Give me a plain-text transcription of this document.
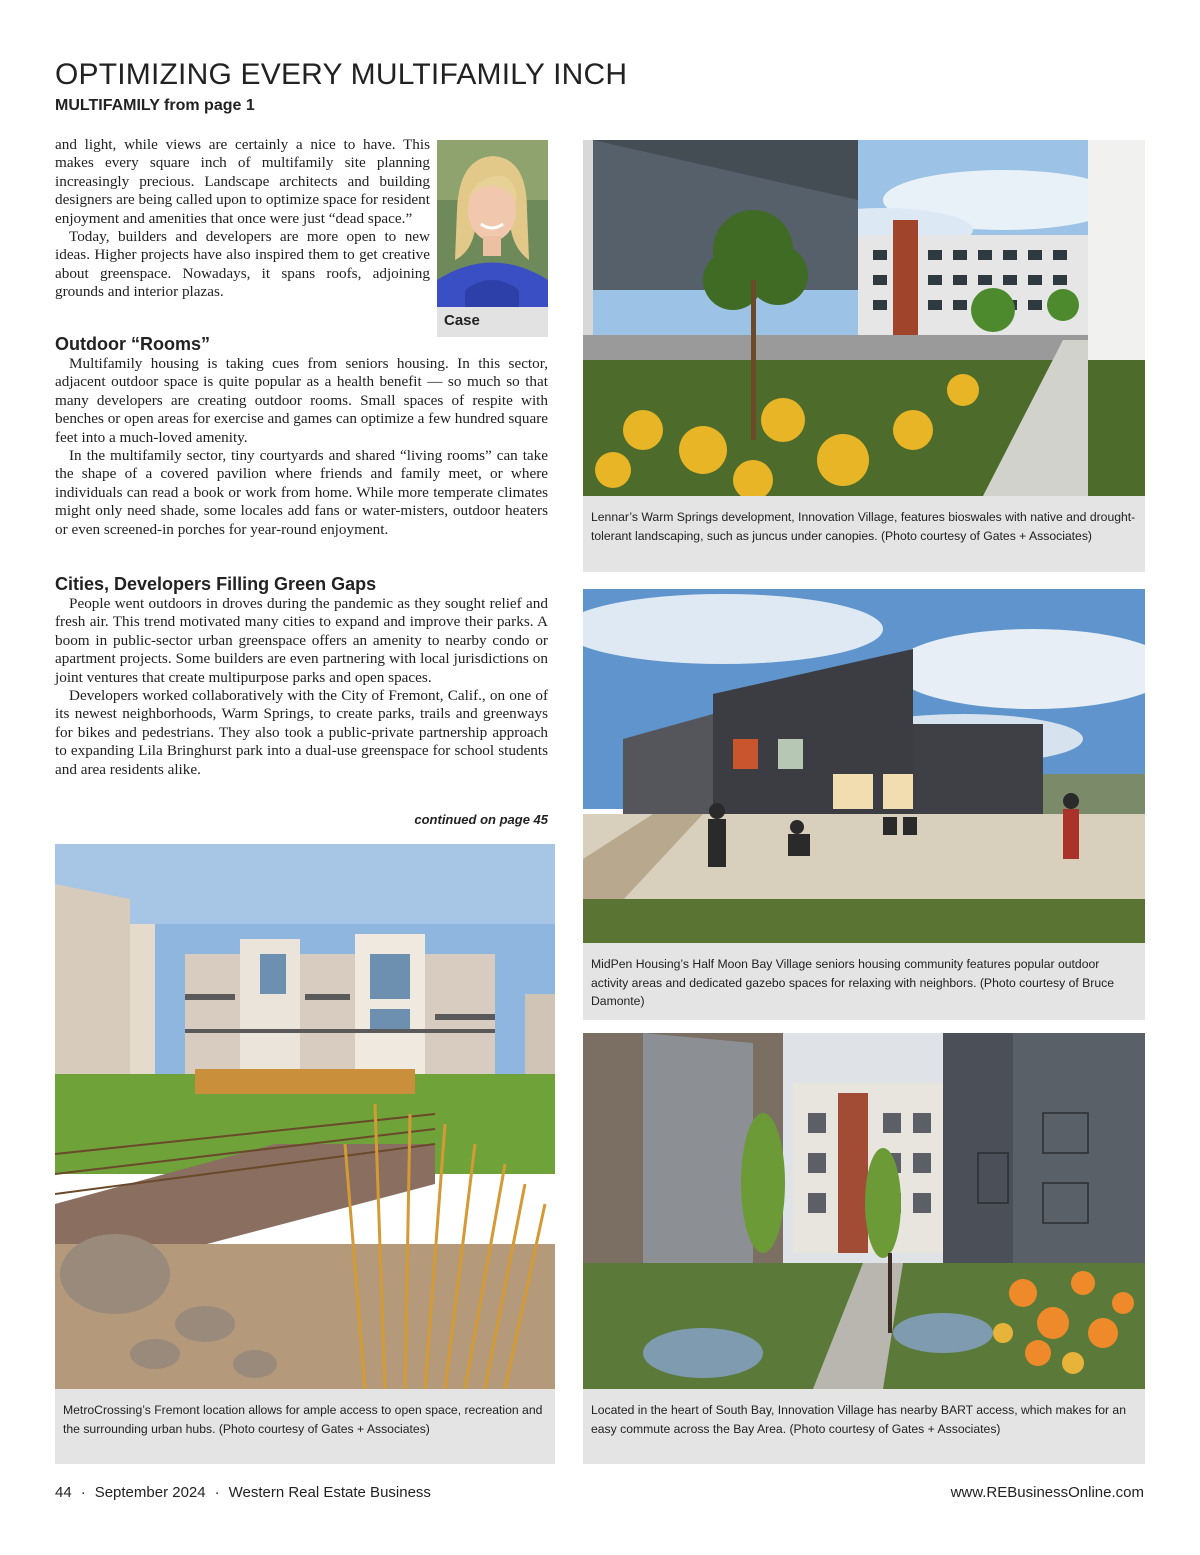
OPTIMIZING EVERY MULTIFAMILY INCH
MULTIFAMILY from page 1

and light, while views are certainly a nice to have. This makes every square inch of multifamily site planning increasingly precious. Landscape architects and building designers are being called upon to optimize space for resident enjoyment and amenities that once were just “dead space.”

Today, builders and developers are more open to new ideas. Higher projects have also inspired them to get creative about greenspace. Nowadays, it spans roofs, adjoining grounds and interior plazas.

Case
Outdoor “Rooms”

Multifamily housing is taking cues from seniors housing. In this sector, adjacent outdoor space is quite popular as a health benefit — so much so that many developers are creating outdoor rooms. Small spaces of respite with benches or open areas for exercise and games can optimize a few hundred square feet into a much-loved amenity.

In the multifamily sector, tiny courtyards and shared “living rooms” can take the shape of a covered pavilion where friends and family meet, or where individuals can read a book or work from home. While more temperate climates might only need shade, some locales add fans or water-misters, outdoor heaters or even screened-in porches for year-round enjoyment.

Cities, Developers Filling Green Gaps

People went outdoors in droves during the pandemic as they sought relief and fresh air. This trend motivated many cities to expand and improve their parks. A boom in public-sector urban greenspace offers an amenity to nearby condo or apartment projects. Some builders are even partnering with local jurisdictions on joint ventures that create multipurpose parks and open spaces.

Developers worked collaboratively with the City of Fremont, Calif., on one of its newest neighborhoods, Warm Springs, to create parks, trails and greenways for bikes and pedestrians. They also took a public-private partnership approach to expanding Lila Bringhurst park into a dual-use greenspace for school students and area residents alike.

continued on page 45
Lennar’s Warm Springs development, Innovation Village, features bioswales with native and drought-tolerant landscaping, such as juncus under canopies. (Photo courtesy of Gates + Associates)
MidPen Housing’s Half Moon Bay Village seniors housing community features popular outdoor activity areas and dedicated gazebo spaces for relaxing with neighbors. (Photo courtesy of Bruce Damonte)
MetroCrossing’s Fremont location allows for ample access to open space, recreation and the surrounding urban hubs. (Photo courtesy of Gates + Associates)
Located in the heart of South Bay, Innovation Village has nearby BART access, which makes for an easy commute across the Bay Area. (Photo courtesy of Gates + Associates)
44 · September 2024 · Western Real Estate Business	www.REBusinessOnline.com
